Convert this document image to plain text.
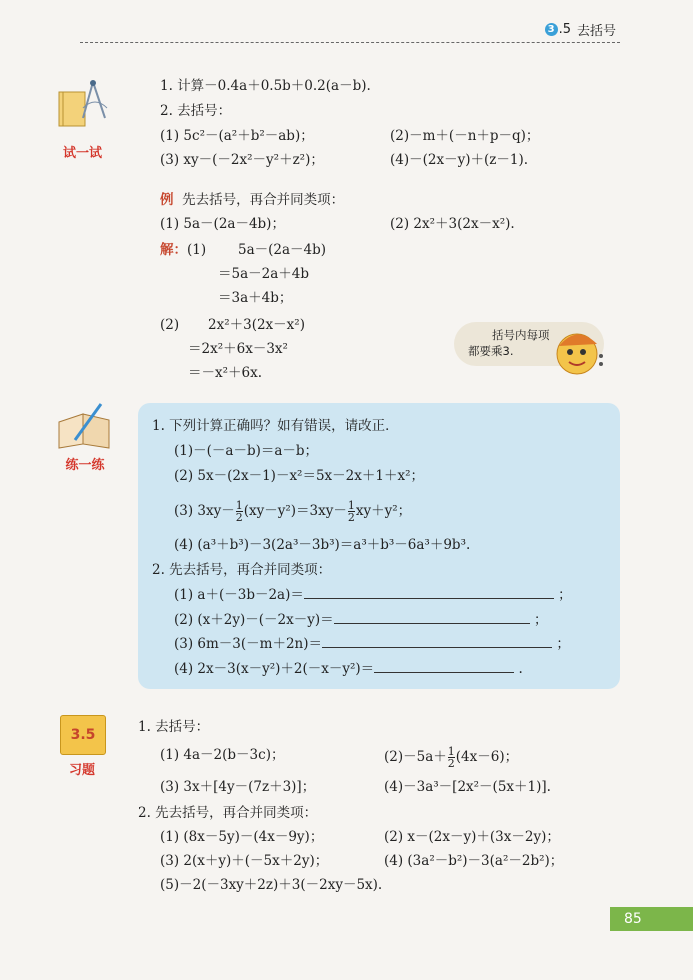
3 .5 去括号
试一试
1. 计算－0.4a＋0.5b＋0.2(a－b).
2. 去括号：
(1) 5c²－(a²＋b²－ab)；	(2)－m＋(－n＋p－q)；
(3) xy－(－2x²－y²＋z²)；	(4)－(2x－y)＋(z－1).
例 先去括号，再合并同类项：
(1) 5a－(2a－4b)；	(2) 2x²＋3(2x－x²).
解：(1) 5a－(2a－4b)
＝5a－2a＋4b
＝3a＋4b；
(2) 2x²＋3(2x－x²)
＝2x²＋6x－3x²
＝－x²＋6x.
括号内每项
都要乘3.
练一练
1. 下列计算正确吗？如有错误，请改正．
(1)－(－a－b)＝a－b；
(2) 5x－(2x－1)－x²＝5x－2x＋1＋x²；
(3) $3xy- \frac{1}{2} (xy-y^2)=3xy- \frac{1}{2} xy+y^2$；
(4) (a³＋b³)－3(2a³－3b³)＝a³＋b³－6a³＋9b³.
2. 先去括号，再合并同类项：
(1) a＋(－3b－2a)＝	；
(2) (x＋2y)－(－2x－y)＝	；
(3) 6m－3(－m＋2n)＝	；
(4) 2x－3(x－y²)＋2(－x－y²)＝	.
3.5
习题
1. 去括号：
(1) 4a－2(b－3c)；	$(2)-5a+ \frac{1}{2} (4x-6)$；
(3) 3x＋[4y－(7z＋3)]；	(4)－3a³－[2x²－(5x＋1)].
2. 先去括号，再合并同类项：
(1) (8x－5y)－(4x－9y)；	(2) x－(2x－y)＋(3x－2y)；
(3) 2(x＋y)＋(－5x＋2y)；	(4) (3a²－b²)－3(a²－2b²)；
(5)－2(－3xy＋2z)＋3(－2xy－5x).
85
